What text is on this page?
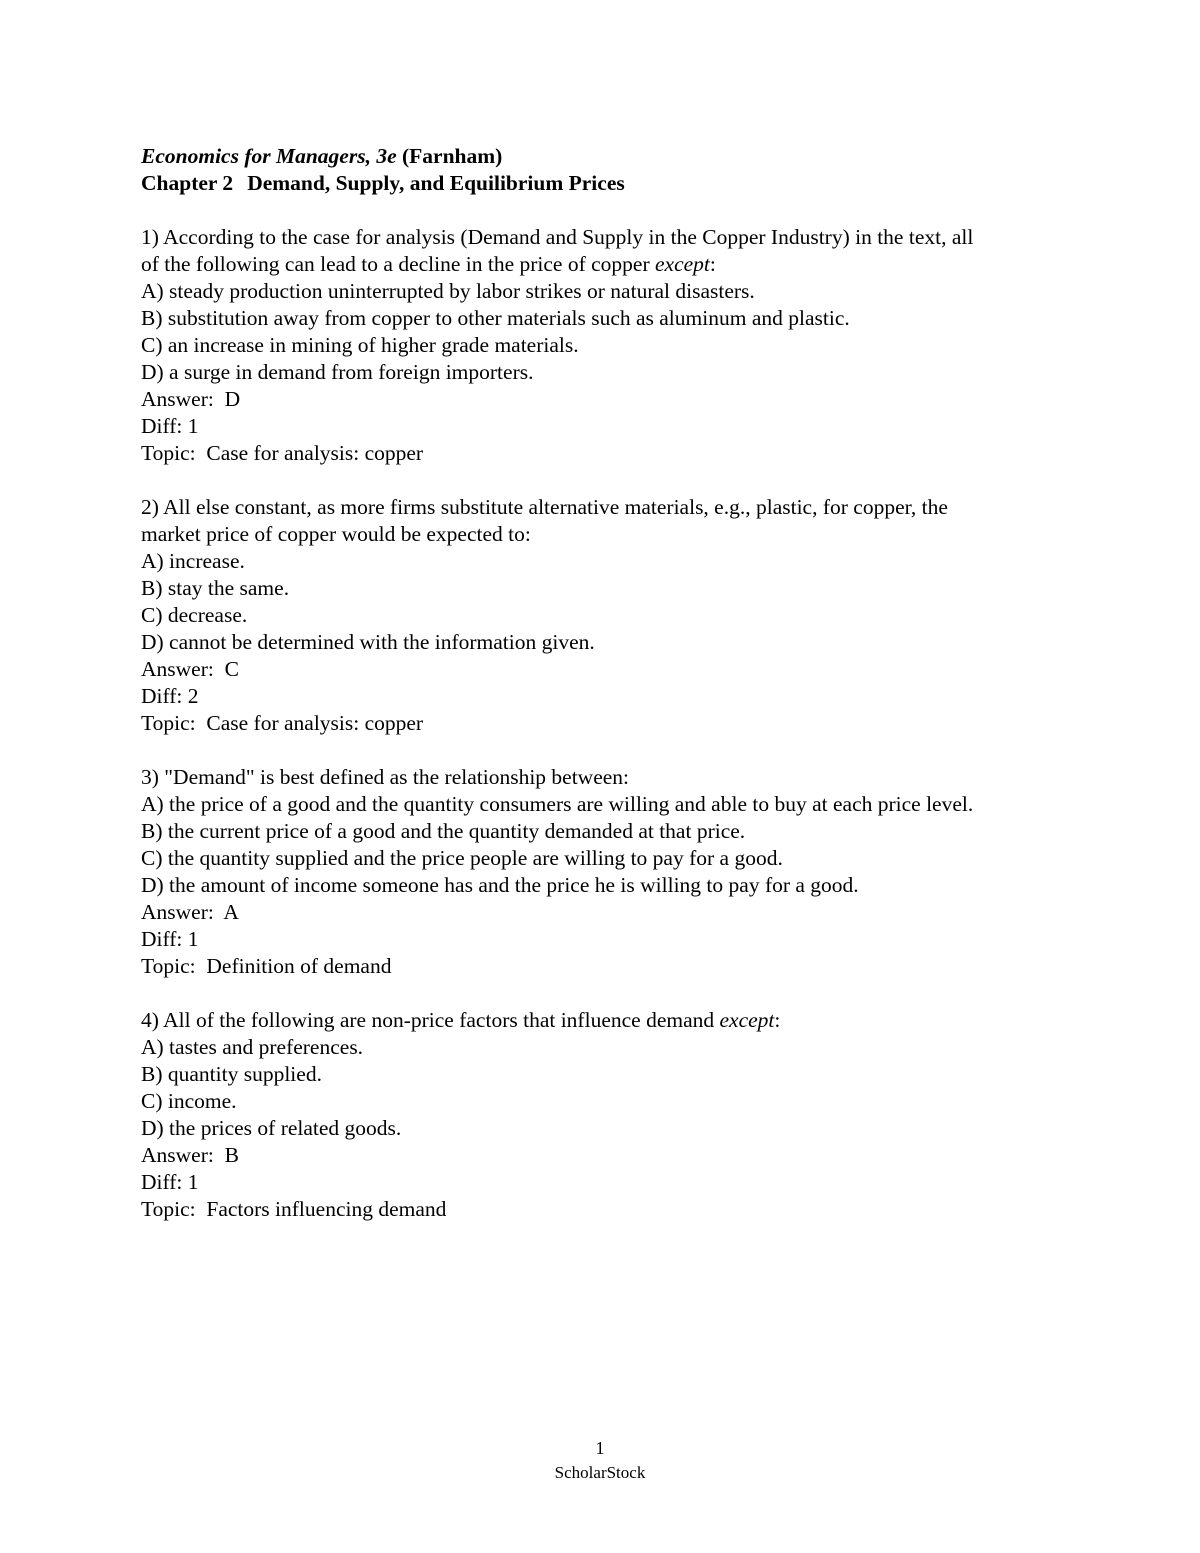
Economics for Managers, 3e (Farnham)
Chapter 2 Demand, Supply, and Equilibrium Prices
1) According to the case for analysis (Demand and Supply in the Copper Industry) in the text, all
of the following can lead to a decline in the price of copper except:
A) steady production uninterrupted by labor strikes or natural disasters.
B) substitution away from copper to other materials such as aluminum and plastic.
C) an increase in mining of higher grade materials.
D) a surge in demand from foreign importers.
Answer:  D
Diff: 1
Topic:  Case for analysis: copper
2) All else constant, as more firms substitute alternative materials, e.g., plastic, for copper, the
market price of copper would be expected to:
A) increase.
B) stay the same.
C) decrease.
D) cannot be determined with the information given.
Answer:  C
Diff: 2
Topic:  Case for analysis: copper
3) "Demand" is best defined as the relationship between:
A) the price of a good and the quantity consumers are willing and able to buy at each price level.
B) the current price of a good and the quantity demanded at that price.
C) the quantity supplied and the price people are willing to pay for a good.
D) the amount of income someone has and the price he is willing to pay for a good.
Answer:  A
Diff: 1
Topic:  Definition of demand
4) All of the following are non-price factors that influence demand except:
A) tastes and preferences.
B) quantity supplied.
C) income.
D) the prices of related goods.
Answer:  B
Diff: 1
Topic:  Factors influencing demand
1
ScholarStock
